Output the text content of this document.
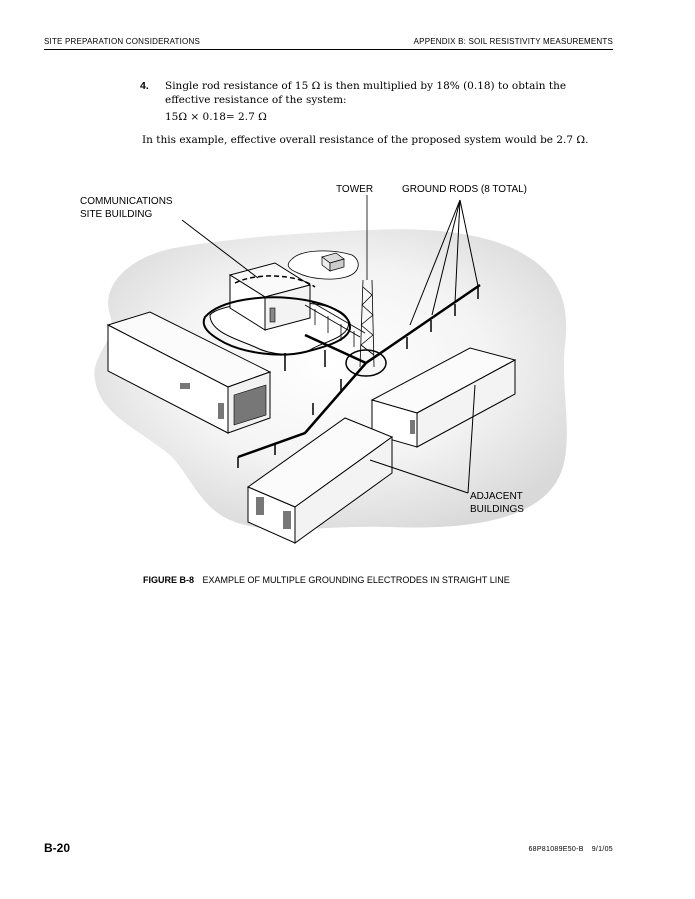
SITE PREPARATION CONSIDERATIONS	APPENDIX B: SOIL RESISTIVITY MEASUREMENTS
4. Single rod resistance of 15 Ω is then multiplied by 18% (0.18) to obtain the effective resistance of the system:
15Ω × 0.18= 2.7 Ω
In this example, effective overall resistance of the proposed system would be 2.7 Ω.
COMMUNICATIONS
SITE BUILDING
TOWER	GROUND RODS (8 TOTAL)
ADJACENT
BUILDINGS
FIGURE B-8 EXAMPLE OF MULTIPLE GROUNDING ELECTRODES IN STRAIGHT LINE
B-20	68P81089E50-B 9/1/05
